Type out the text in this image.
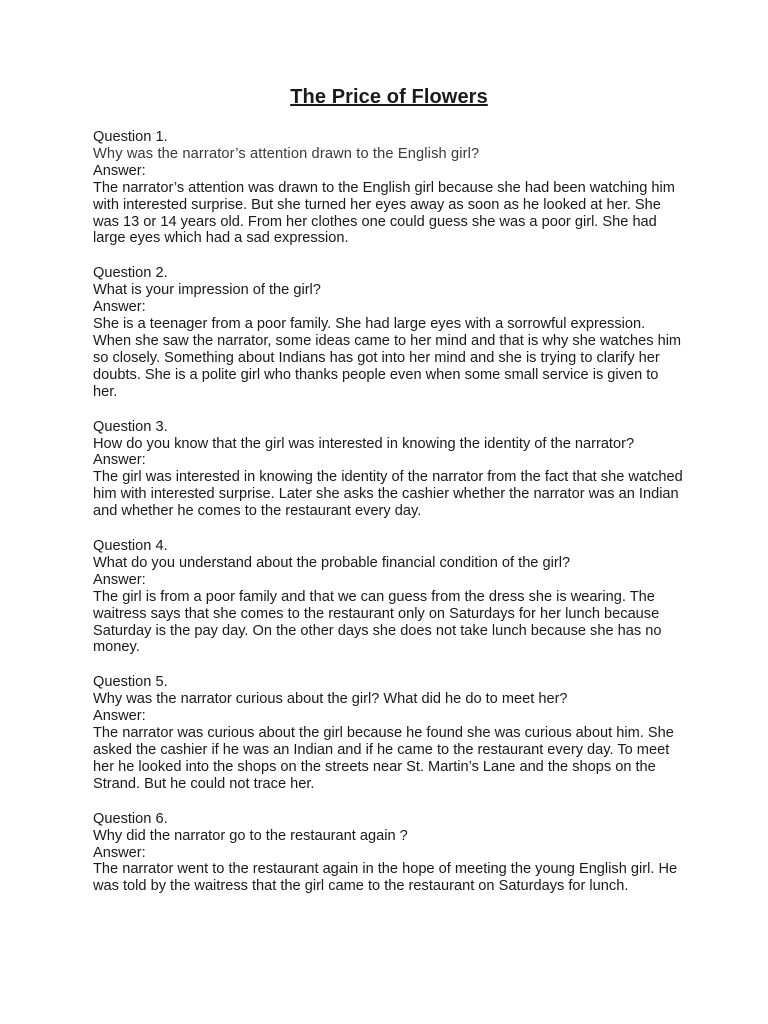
The Price of Flowers
Question 1.
Why was the narrator’s attention drawn to the English girl?
Answer:
The narrator’s attention was drawn to the English girl because she had been watching him with interested surprise. But she turned her eyes away as soon as he looked at her. She was 13 or 14 years old. From her clothes one could guess she was a poor girl. She had large eyes which had a sad expression.
Question 2.
What is your impression of the girl?
Answer:
She is a teenager from a poor family. She had large eyes with a sorrowful expression. When she saw the narrator, some ideas came to her mind and that is why she watches him so closely. Something about Indians has got into her mind and she is trying to clarify her doubts. She is a polite girl who thanks people even when some small service is given to her.
Question 3.
How do you know that the girl was interested in knowing the identity of the narrator?
Answer:
The girl was interested in knowing the identity of the narrator from the fact that she watched him with interested surprise. Later she asks the cashier whether the narrator was an Indian and whether he comes to the restaurant every day.
Question 4.
What do you understand about the probable financial condition of the girl?
Answer:
The girl is from a poor family and that we can guess from the dress she is wearing. The waitress says that she comes to the restaurant only on Saturdays for her lunch because Saturday is the pay day. On the other days she does not take lunch because she has no money.
Question 5.
Why was the narrator curious about the girl? What did he do to meet her?
Answer:
The narrator was curious about the girl because he found she was curious about him. She asked the cashier if he was an Indian and if he came to the restaurant every day. To meet her he looked into the shops on the streets near St. Martin’s Lane and the shops on the Strand. But he could not trace her.
Question 6.
Why did the narrator go to the restaurant again ?
Answer:
The narrator went to the restaurant again in the hope of meeting the young English girl. He was told by the waitress that the girl came to the restaurant on Saturdays for lunch.
